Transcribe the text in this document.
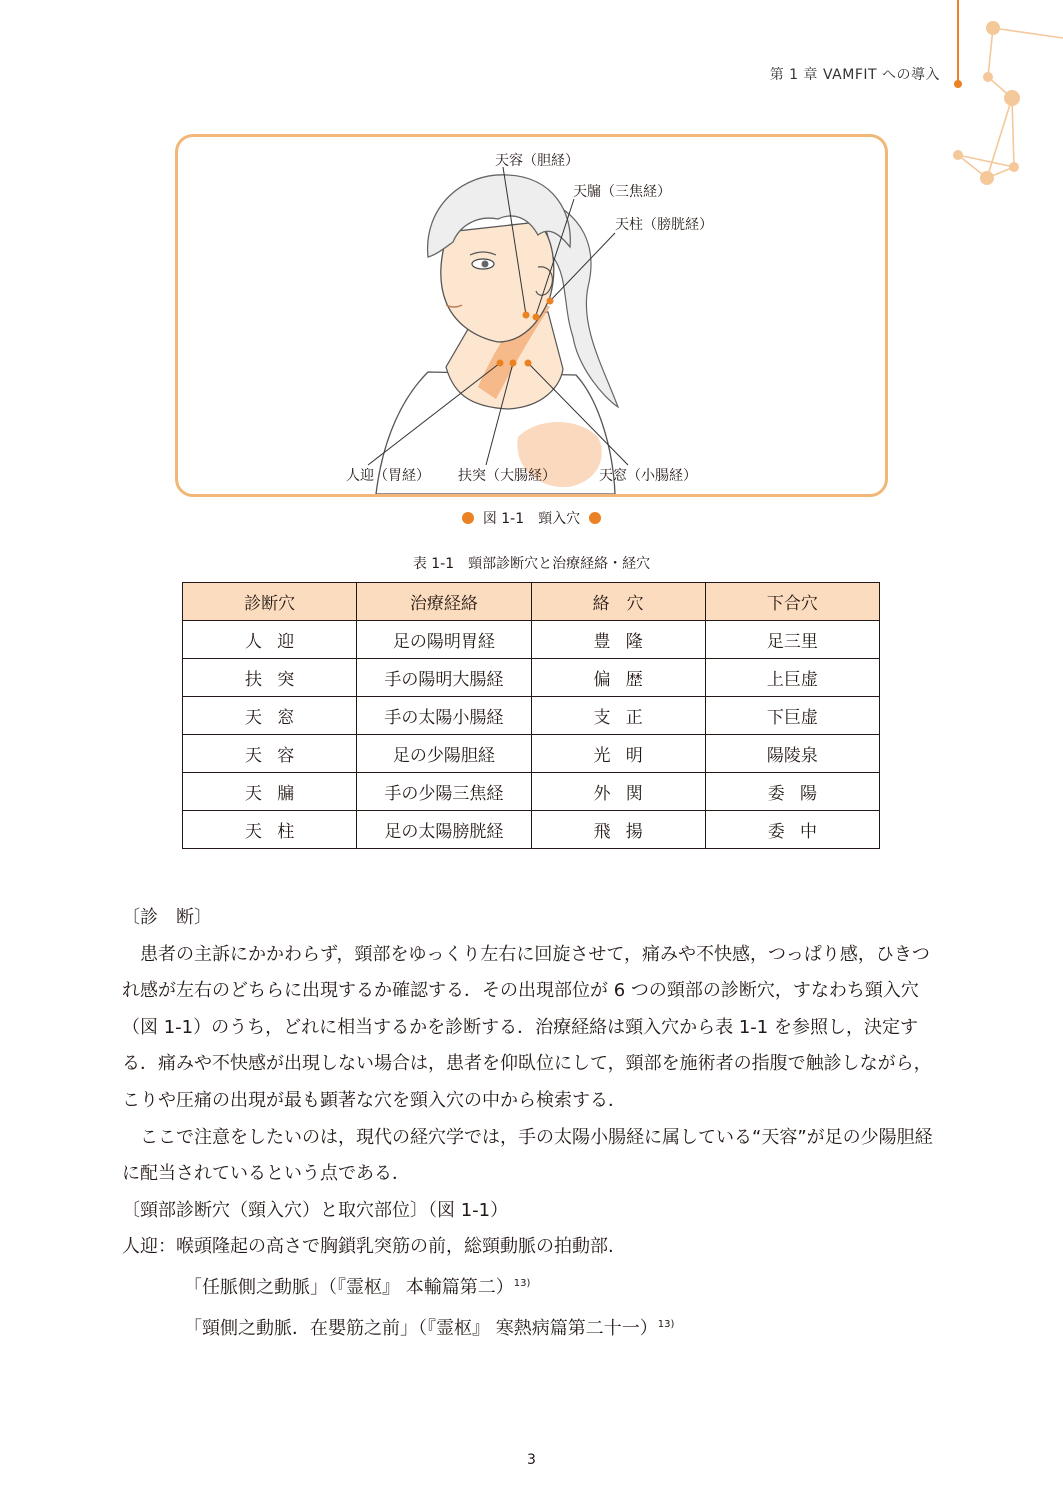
第 1 章 VAMFIT への導入
天容（胆経）
天牖（三焦経）
天柱（膀胱経）
人迎（胃経） 扶突（大腸経）	天窓（小腸経）
図 1-1　頸入穴
表 1-1　頸部診断穴と治療経絡・経穴
診断穴	治療経絡	絡　穴	下合穴
人迎	足の陽明胃経	豊隆	足三里
扶突	手の陽明大腸経	偏歴	上巨虚
天窓	手の太陽小腸経	支正	下巨虚
天容	足の少陽胆経	光明	陽陵泉
天牖	手の少陽三焦経	外関	委陽
天柱	足の太陽膀胱経	飛揚	委中

〔診　断〕

患者の主訴にかかわらず，頸部をゆっくり左右に回旋させて，痛みや不快感，つっぱり感，ひきつれ感が左右のどちらに出現するか確認する．その出現部位が 6 つの頸部の診断穴，すなわち頸入穴（図 1-1）のうち，どれに相当するかを診断する．治療経絡は頸入穴から表 1-1 を参照し，決定する．痛みや不快感が出現しない場合は，患者を仰臥位にして，頸部を施術者の指腹で触診しながら，こりや圧痛の出現が最も顕著な穴を頸入穴の中から検索する．

ここで注意をしたいのは，現代の経穴学では，手の太陽小腸経に属している“天容”が足の少陽胆経に配当されているという点である．

〔頸部診断穴（頸入穴）と取穴部位〕（図 1-1）

人迎：喉頭隆起の高さで胸鎖乳突筋の前，総頸動脈の拍動部.

「任脈側之動脈」（『霊枢』 本輸篇第二）$^{13)}$

「頸側之動脈．在嬰筋之前」（『霊枢』 寒熱病篇第二十一）$^{13)}$

3
